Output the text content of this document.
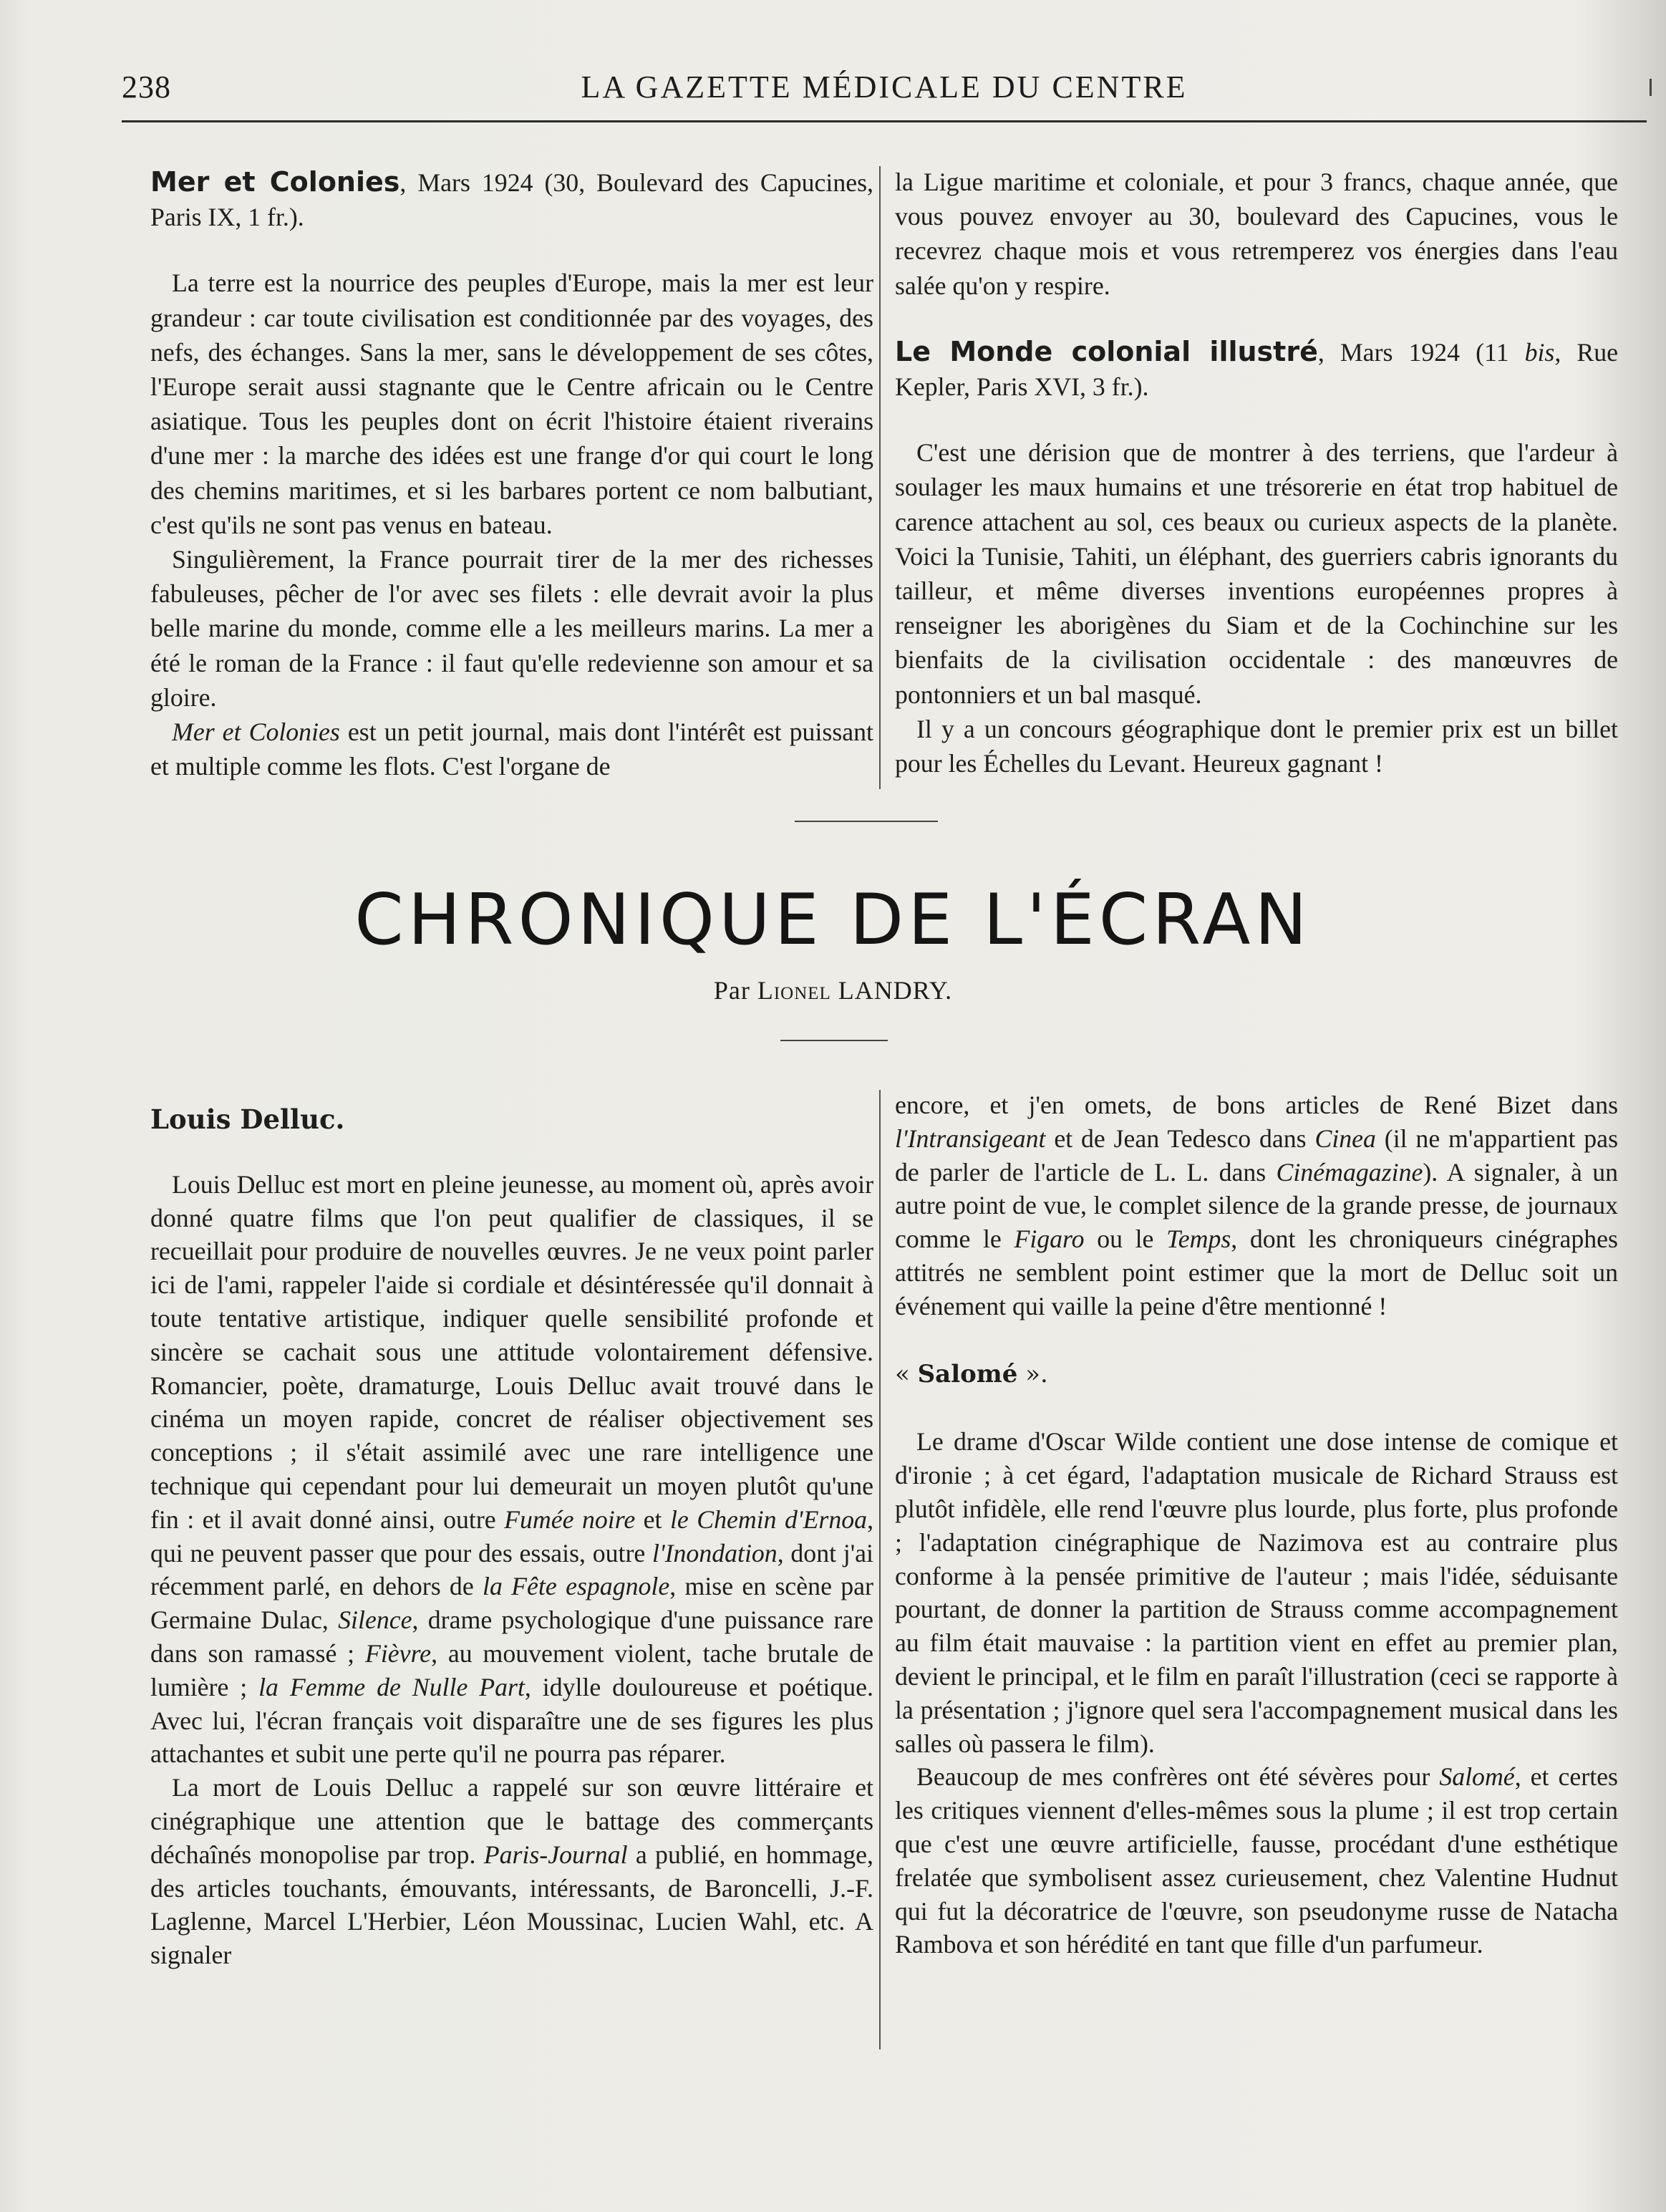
238	LA GAZETTE MÉDICALE DU CENTRE

Mer et Colonies, Mars 1924 (30, Boulevard des Capucines, Paris IX, 1 fr.).

La terre est la nourrice des peuples d'Europe, mais la mer est leur grandeur : car toute civilisation est conditionnée par des voyages, des nefs, des échanges. Sans la mer, sans le développement de ses côtes, l'Europe serait aussi stagnante que le Centre africain ou le Centre asiatique. Tous les peuples dont on écrit l'histoire étaient riverains d'une mer : la marche des idées est une frange d'or qui court le long des chemins maritimes, et si les barbares portent ce nom balbutiant, c'est qu'ils ne sont pas venus en bateau.

Singulièrement, la France pourrait tirer de la mer des richesses fabuleuses, pêcher de l'or avec ses filets : elle devrait avoir la plus belle marine du monde, comme elle a les meilleurs marins. La mer a été le roman de la France : il faut qu'elle redevienne son amour et sa gloire.

Mer et Colonies est un petit journal, mais dont l'intérêt est puissant et multiple comme les flots. C'est l'organe de

la Ligue maritime et coloniale, et pour 3 francs, chaque année, que vous pouvez envoyer au 30, boulevard des Capucines, vous le recevrez chaque mois et vous retremperez vos énergies dans l'eau salée qu'on y respire.

Le Monde colonial illustré, Mars 1924 (11 bis, Rue Kepler, Paris XVI, 3 fr.).

C'est une dérision que de montrer à des terriens, que l'ardeur à soulager les maux humains et une trésorerie en état trop habituel de carence attachent au sol, ces beaux ou curieux aspects de la planète. Voici la Tunisie, Tahiti, un éléphant, des guerriers cabris ignorants du tailleur, et même diverses inventions européennes propres à renseigner les aborigènes du Siam et de la Cochinchine sur les bienfaits de la civilisation occidentale : des manœuvres de pontonniers et un bal masqué.

Il y a un concours géographique dont le premier prix est un billet pour les Échelles du Levant. Heureux gagnant !

CHRONIQUE DE L'ÉCRAN
Par Lionel LANDRY.

Louis Delluc.

Louis Delluc est mort en pleine jeunesse, au moment où, après avoir donné quatre films que l'on peut qualifier de classiques, il se recueillait pour produire de nouvelles œuvres. Je ne veux point parler ici de l'ami, rappeler l'aide si cordiale et désintéressée qu'il donnait à toute tentative artistique, indiquer quelle sensibilité profonde et sincère se cachait sous une attitude volontairement défensive. Romancier, poète, dramaturge, Louis Delluc avait trouvé dans le cinéma un moyen rapide, concret de réaliser objectivement ses conceptions ; il s'était assimilé avec une rare intelligence une technique qui cependant pour lui demeurait un moyen plutôt qu'une fin : et il avait donné ainsi, outre Fumée noire et le Chemin d'Ernoa, qui ne peuvent passer que pour des essais, outre l'Inondation, dont j'ai récemment parlé, en dehors de la Fête espagnole, mise en scène par Germaine Dulac, Silence, drame psychologique d'une puissance rare dans son ramassé ; Fièvre, au mouvement violent, tache brutale de lumière ; la Femme de Nulle Part, idylle douloureuse et poétique. Avec lui, l'écran français voit disparaître une de ses figures les plus attachantes et subit une perte qu'il ne pourra pas réparer.

La mort de Louis Delluc a rappelé sur son œuvre littéraire et cinégraphique une attention que le battage des commerçants déchaînés monopolise par trop. Paris-Journal a publié, en hommage, des articles touchants, émouvants, intéressants, de Baroncelli, J.-F. Laglenne, Marcel L'Herbier, Léon Moussinac, Lucien Wahl, etc. A signaler

encore, et j'en omets, de bons articles de René Bizet dans l'Intransigeant et de Jean Tedesco dans Cinea (il ne m'appartient pas de parler de l'article de L. L. dans Cinémagazine). A signaler, à un autre point de vue, le complet silence de la grande presse, de journaux comme le Figaro ou le Temps, dont les chroniqueurs cinégraphes attitrés ne semblent point estimer que la mort de Delluc soit un événement qui vaille la peine d'être mentionné !

« Salomé ».

Le drame d'Oscar Wilde contient une dose intense de comique et d'ironie ; à cet égard, l'adaptation musicale de Richard Strauss est plutôt infidèle, elle rend l'œuvre plus lourde, plus forte, plus profonde ; l'adaptation cinégraphique de Nazimova est au contraire plus conforme à la pensée primitive de l'auteur ; mais l'idée, séduisante pourtant, de donner la partition de Strauss comme accompagnement au film était mauvaise : la partition vient en effet au premier plan, devient le principal, et le film en paraît l'illustration (ceci se rapporte à la présentation ; j'ignore quel sera l'accompagnement musical dans les salles où passera le film).

Beaucoup de mes confrères ont été sévères pour Salomé, et certes les critiques viennent d'elles-mêmes sous la plume ; il est trop certain que c'est une œuvre artificielle, fausse, procédant d'une esthétique frelatée que symbolisent assez curieusement, chez Valentine Hudnut qui fut la décoratrice de l'œuvre, son pseudonyme russe de Natacha Rambova et son hérédité en tant que fille d'un parfumeur.
